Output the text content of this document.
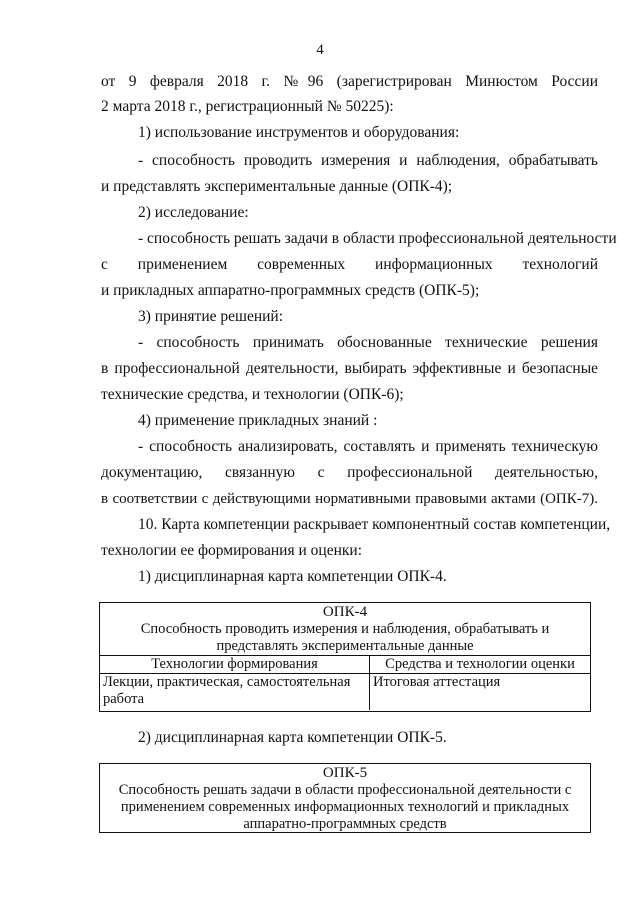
4
от 9 февраля 2018 г. №96 (зарегистрирован Минюстом России
2 марта 2018 г., регистрационный № 50225):
1) использование инструментов и оборудования:
- способность проводить измерения и наблюдения, обрабатывать
и представлять экспериментальные данные (ОПК-4);
2) исследование:
- способность решать задачи в области профессиональной деятельности
с применением современных информационных технологий
и прикладных аппаратно-программных средств (ОПК-5);
3) принятие решений:
- способность принимать обоснованные технические решения
в профессиональной деятельности, выбирать эффективные и безопасные
технические средства, и технологии (ОПК-6);
4) применение прикладных знаний :
- способность анализировать, составлять и применять техническую
документацию, связанную с профессиональной деятельностью,
в соответствии с действующими нормативными правовыми актами (ОПК-7).
10. Карта компетенции раскрывает компонентный состав компетенции,
технологии ее формирования и оценки:
1) дисциплинарная карта компетенции ОПК-4.
ОПК-4
Способность проводить измерения и наблюдения, обрабатывать и
представлять экспериментальные данные
Технологии формирования	Средства и технологии оценки
Лекции, практическая, самостоятельная
работа
Итоговая аттестация
2) дисциплинарная карта компетенции ОПК-5.
ОПК-5
Способность решать задачи в области профессиональной деятельности с
применением современных информационных технологий и прикладных
аппаратно-программных средств
